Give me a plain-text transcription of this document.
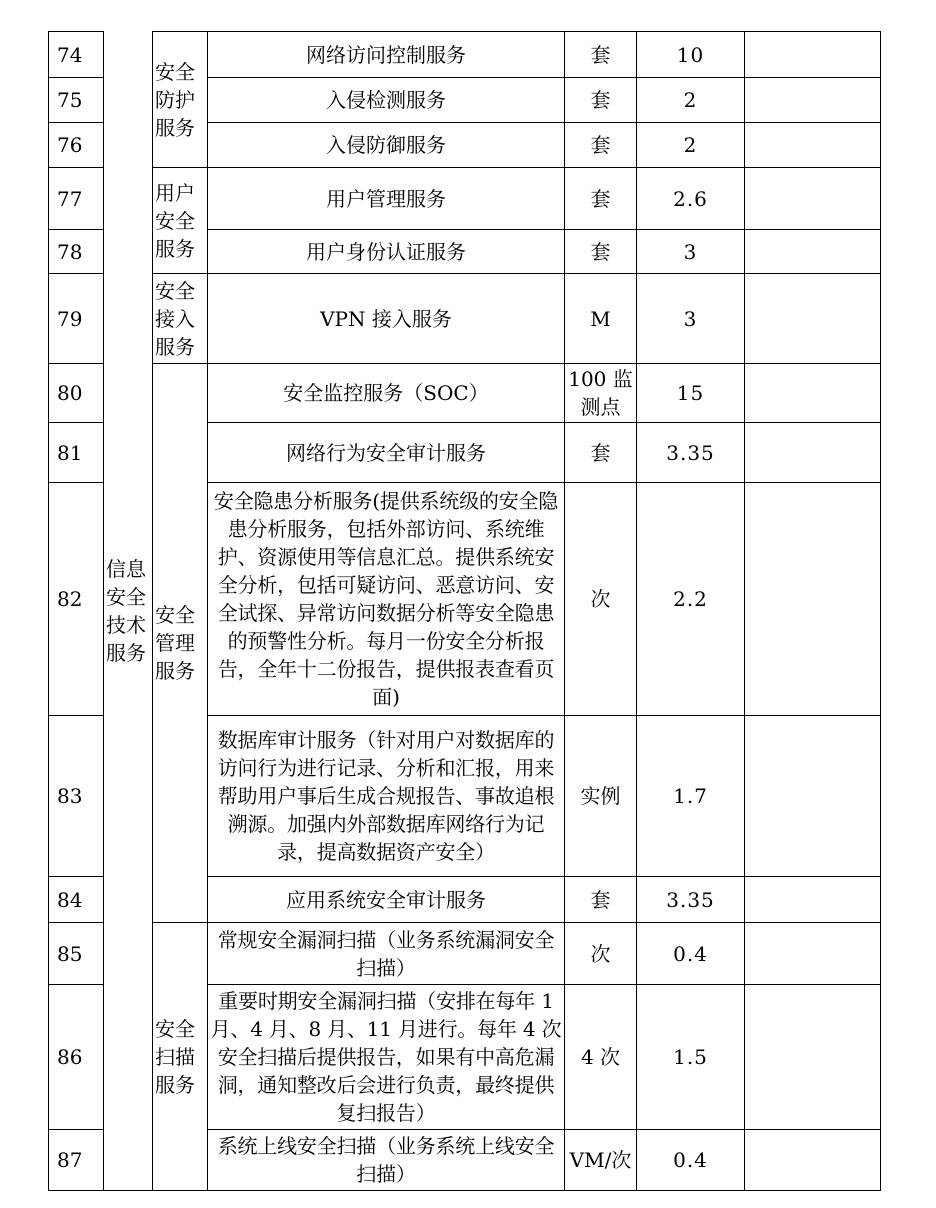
74	信息安全技术服务	安全防护服务	网络访问控制服务	套	10	
75			入侵检测服务	套	2	
76			入侵防御服务	套	2	
77		用户安全服务	用户管理服务	套	2.6	
78			用户身份认证服务	套	3	
79		安全接入服务	VPN 接入服务	M	3	
80		安全管理服务	安全监控服务（SOC）	100 监测点	15	
81			网络行为安全审计服务	套	3.35	
82			安全隐患分析服务(提供系统级的安全隐患分析服务，包括外部访问、系统维护、资源使用等信息汇总。提供系统安全分析，包括可疑访问、恶意访问、安全试探、异常访问数据分析等安全隐患的预警性分析。每月一份安全分析报告，全年十二份报告，提供报表查看页面)	次	2.2	
83			数据库审计服务（针对用户对数据库的访问行为进行记录、分析和汇报，用来帮助用户事后生成合规报告、事故追根溯源。加强内外部数据库网络行为记录，提高数据资产安全）	实例	1.7	
84			应用系统安全审计服务	套	3.35	
85		安全扫描服务	常规安全漏洞扫描（业务系统漏洞安全扫描）	次	0.4	
86			重要时期安全漏洞扫描（安排在每年 1 月、4 月、8 月、11 月进行。每年 4 次安全扫描后提供报告，如果有中高危漏洞，通知整改后会进行负责，最终提供复扫报告）	4 次	1.5	
87			系统上线安全扫描（业务系统上线安全扫描）	VM/次	0.4	
